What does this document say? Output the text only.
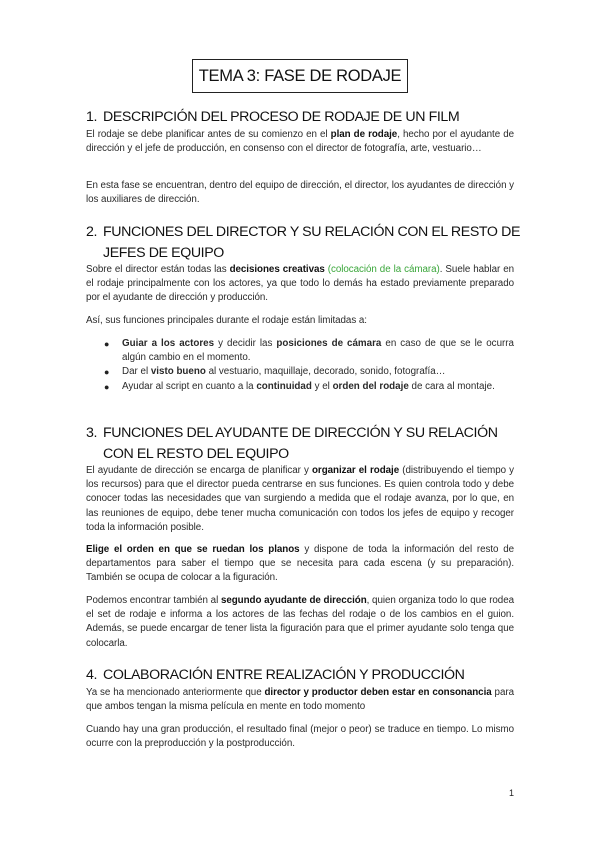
TEMA 3: FASE DE RODAJE
1. DESCRIPCIÓN DEL PROCESO DE RODAJE DE UN FILM
El rodaje se debe planificar antes de su comienzo en el plan de rodaje, hecho por el ayudante de dirección y el jefe de producción, en consenso con el director de fotografía, arte, vestuario…
En esta fase se encuentran, dentro del equipo de dirección, el director, los ayudantes de dirección y los auxiliares de dirección.
2. FUNCIONES DEL DIRECTOR Y SU RELACIÓN CON EL RESTO DE
JEFES DE EQUIPO
Sobre el director están todas las decisiones creativas (colocación de la cámara). Suele hablar en el rodaje principalmente con los actores, ya que todo lo demás ha estado previamente preparado por el ayudante de dirección y producción.
Así, sus funciones principales durante el rodaje están limitadas a:
● Guiar a los actores y decidir las posiciones de cámara en caso de que se le ocurra algún cambio en el momento.
● Dar el visto bueno al vestuario, maquillaje, decorado, sonido, fotografía…
● Ayudar al script en cuanto a la continuidad y el orden del rodaje de cara al montaje.
3. FUNCIONES DEL AYUDANTE DE DIRECCIÓN Y SU RELACIÓN
CON EL RESTO DEL EQUIPO
El ayudante de dirección se encarga de planificar y organizar el rodaje (distribuyendo el tiempo y los recursos) para que el director pueda centrarse en sus funciones. Es quien controla todo y debe conocer todas las necesidades que van surgiendo a medida que el rodaje avanza, por lo que, en las reuniones de equipo, debe tener mucha comunicación con todos los jefes de equipo y recoger toda la información posible.
Elige el orden en que se ruedan los planos y dispone de toda la información del resto de departamentos para saber el tiempo que se necesita para cada escena (y su preparación). También se ocupa de colocar a la figuración.
Podemos encontrar también al segundo ayudante de dirección, quien organiza todo lo que rodea el set de rodaje e informa a los actores de las fechas del rodaje o de los cambios en el guion. Además, se puede encargar de tener lista la figuración para que el primer ayudante solo tenga que colocarla.
4. COLABORACIÓN ENTRE REALIZACIÓN Y PRODUCCIÓN
Ya se ha mencionado anteriormente que director y productor deben estar en consonancia para que ambos tengan la misma película en mente en todo momento
Cuando hay una gran producción, el resultado final (mejor o peor) se traduce en tiempo. Lo mismo ocurre con la preproducción y la postproducción.
1
